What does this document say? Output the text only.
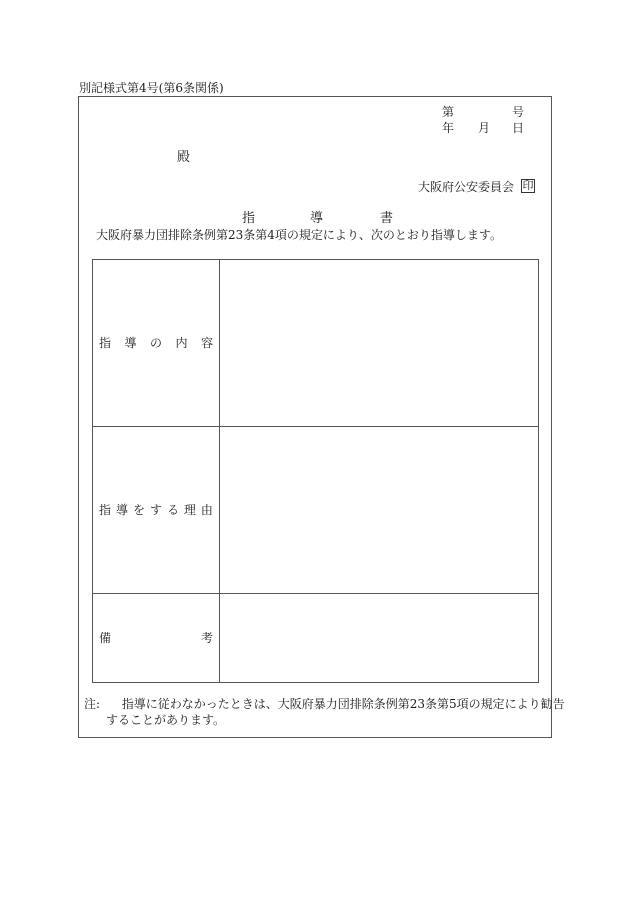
別記様式第4号(第6条関係)
第	号
年 月 日
殿
大阪府公安委員会 印
指	導	書
大阪府暴力団排除条例第23条第4項の規定により、次のとおり指導します。
指 導 の 内 容
指 導 を す る 理 由
備	考
注: 指導に従わなかったときは、大阪府暴力団排除条例第23条第5項の規定により勧告
することがあります。
